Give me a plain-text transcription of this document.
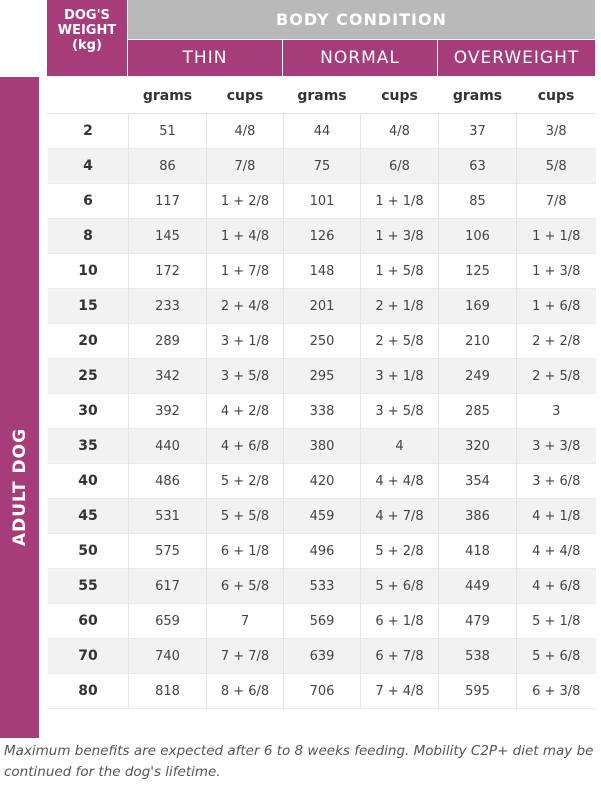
ADULT DOG
DOG'S
WEIGHT
(kg)
BODY CONDITION
THIN	NORMAL	OVERWEIGHT
	grams	cups	grams	cups	grams	cups
2	51	4/8	44	4/8	37	3/8
4	86	7/8	75	6/8	63	5/8
6	117	1 + 2/8	101	1 + 1/8	85	7/8
8	145	1 + 4/8	126	1 + 3/8	106	1 + 1/8
10	172	1 + 7/8	148	1 + 5/8	125	1 + 3/8
15	233	2 + 4/8	201	2 + 1/8	169	1 + 6/8
20	289	3 + 1/8	250	2 + 5/8	210	2 + 2/8
25	342	3 + 5/8	295	3 + 1/8	249	2 + 5/8
30	392	4 + 2/8	338	3 + 5/8	285	3
35	440	4 + 6/8	380	4	320	3 + 3/8
40	486	5 + 2/8	420	4 + 4/8	354	3 + 6/8
45	531	5 + 5/8	459	4 + 7/8	386	4 + 1/8
50	575	6 + 1/8	496	5 + 2/8	418	4 + 4/8
55	617	6 + 5/8	533	5 + 6/8	449	4 + 6/8
60	659	7	569	6 + 1/8	479	5 + 1/8
70	740	7 + 7/8	639	6 + 7/8	538	5 + 6/8
80	818	8 + 6/8	706	7 + 4/8	595	6 + 3/8
Maximum benefits are expected after 6 to 8 weeks feeding. Mobility C2P+ diet may be continued for the dog's lifetime.
